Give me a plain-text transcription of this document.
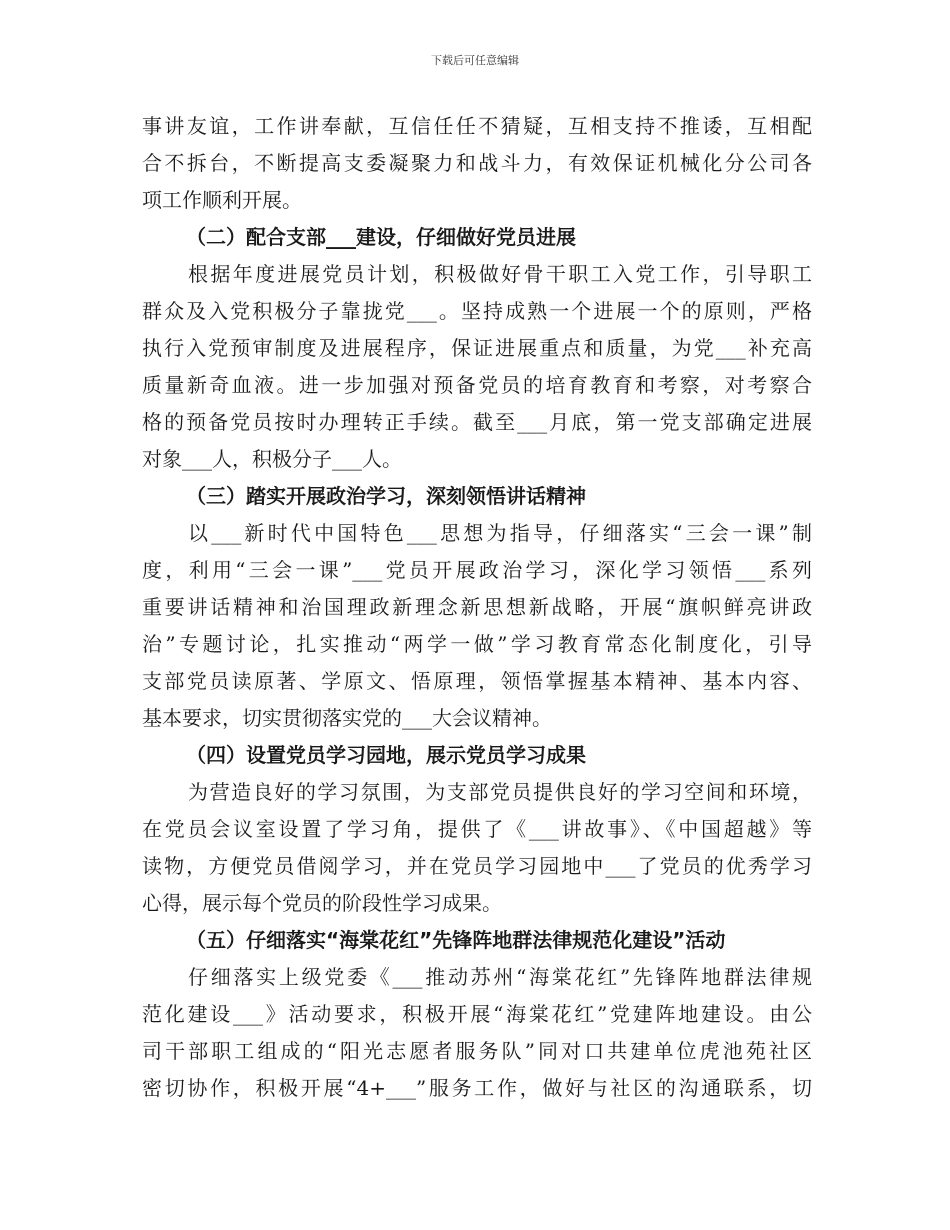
下载后可任意编辑
事讲友谊，工作讲奉献，互信任任不猜疑，互相支持不推诿，互相配
合不拆台，不断提高支委凝聚力和战斗力，有效保证机械化分公司各
项工作顺利开展。
（二）配合支部___建设，仔细做好党员进展
根据年度进展党员计划，积极做好骨干职工入党工作，引导职工
群众及入党积极分子靠拢党___。坚持成熟一个进展一个的原则，严格
执行入党预审制度及进展程序，保证进展重点和质量，为党___补充高
质量新奇血液。进一步加强对预备党员的培育教育和考察，对考察合
格的预备党员按时办理转正手续。截至___月底，第一党支部确定进展
对象___人，积极分子___人。
（三）踏实开展政治学习，深刻领悟讲话精神
以___新时代中国特色___思想为指导，仔细落实“三会一课”制
度，利用“三会一课”___党员开展政治学习，深化学习领悟___系列
重要讲话精神和治国理政新理念新思想新战略，开展“旗帜鲜亮讲政
治”专题讨论，扎实推动“两学一做”学习教育常态化制度化，引导
支部党员读原著、学原文、悟原理，领悟掌握基本精神、基本内容、
基本要求，切实贯彻落实党的___大会议精神。
（四）设置党员学习园地，展示党员学习成果
为营造良好的学习氛围，为支部党员提供良好的学习空间和环境，
在党员会议室设置了学习角，提供了《___讲故事》、《中国超越》等
读物，方便党员借阅学习，并在党员学习园地中___了党员的优秀学习
心得，展示每个党员的阶段性学习成果。
（五）仔细落实“海棠花红”先锋阵地群法律规范化建设”活动
仔细落实上级党委《___推动苏州“海棠花红”先锋阵地群法律规
范化建设___》活动要求，积极开展“海棠花红”党建阵地建设。由公
司干部职工组成的“阳光志愿者服务队”同对口共建单位虎池苑社区
密切协作，积极开展“4+___”服务工作，做好与社区的沟通联系，切
